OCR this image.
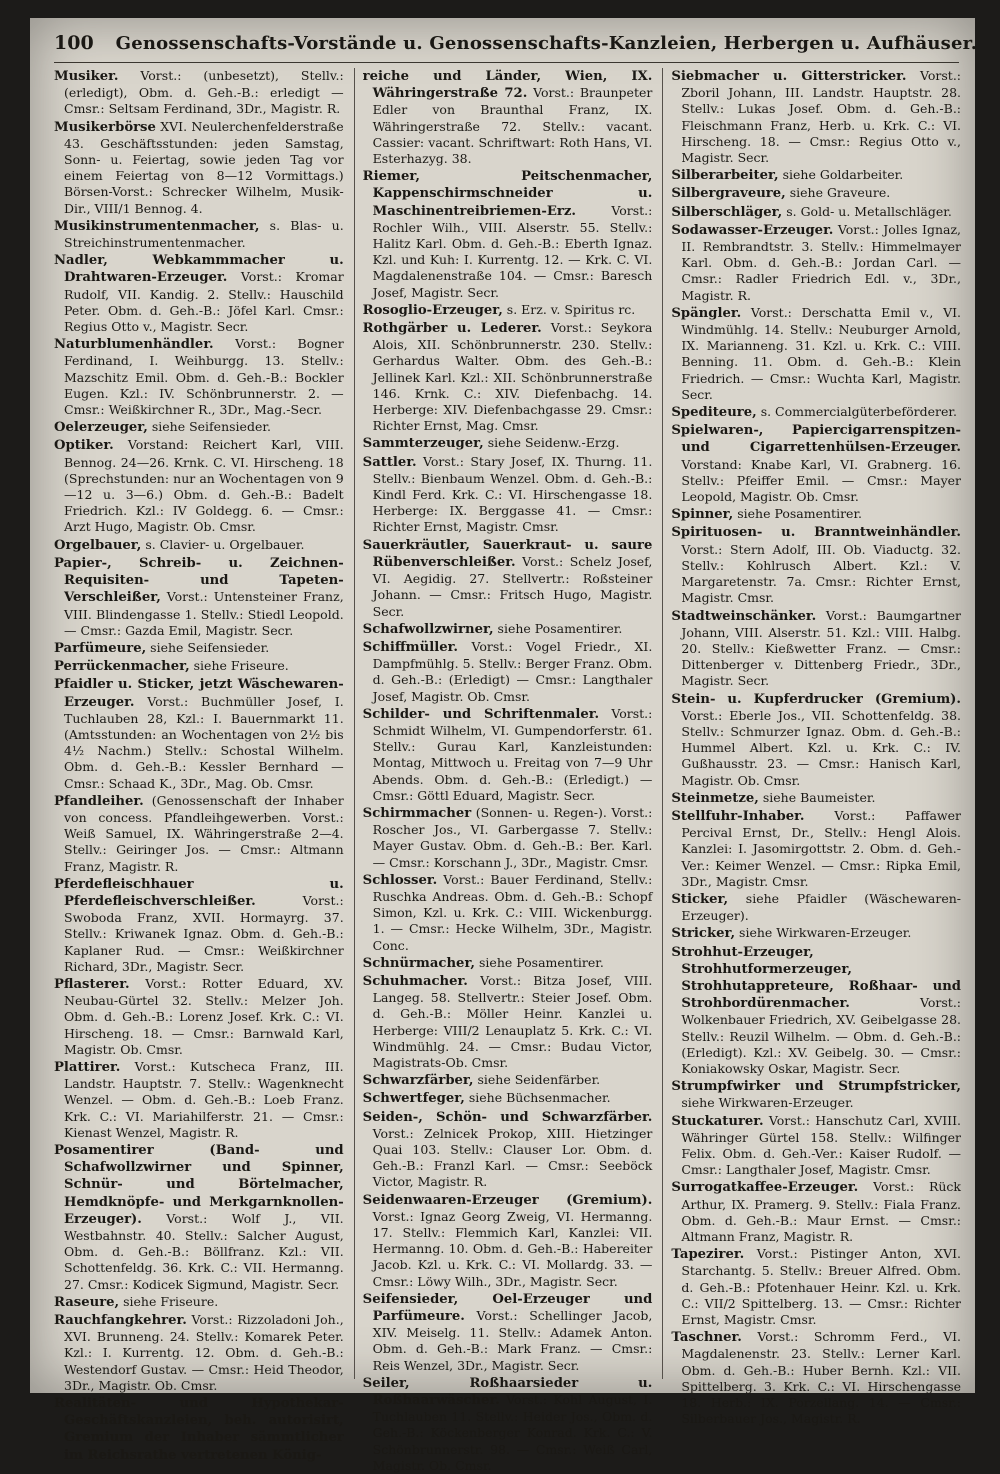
100 Genossenschafts-Vorstände u. Genossenschafts-Kanzleien, Herbergen u. Aufhäuser.

Musiker. Vorst.: (unbesetzt), Stellv.: (erledigt), Obm. d. Geh.-B.: erledigt — Cmsr.: Seltsam Ferdinand, 3Dr., Magistr. R.

Musikerbörse XVI. Neulerchenfelderstraße 43. Geschäftsstunden: jeden Samstag, Sonn- u. Feiertag, sowie jeden Tag vor einem Feiertag von 8—12 Vormittags.) Börsen-Vorst.: Schrecker Wilhelm, Musik-Dir., VIII/1 Bennog. 4.

Musikinstrumentenmacher, s. Blas- u. Streichinstrumentenmacher.

Nadler, Webkammmacher u. Drahtwaren-Erzeuger. Vorst.: Kromar Rudolf, VII. Kandig. 2. Stellv.: Hauschild Peter. Obm. d. Geh.-B.: Jöfel Karl. Cmsr.: Regius Otto v., Magistr. Secr.

Naturblumenhändler. Vorst.: Bogner Ferdinand, I. Weihburgg. 13. Stellv.: Mazschitz Emil. Obm. d. Geh.-B.: Bockler Eugen. Kzl.: IV. Schönbrunnerstr. 2. — Cmsr.: Weißkirchner R., 3Dr., Mag.-Secr.

Oelerzeuger, siehe Seifensieder.

Optiker. Vorstand: Reichert Karl, VIII. Bennog. 24—26. Krnk. C. VI. Hirscheng. 18 (Sprechstunden: nur an Wochentagen von 9—12 u. 3—6.) Obm. d. Geh.-B.: Badelt Friedrich. Kzl.: IV Goldegg. 6. — Cmsr.: Arzt Hugo, Magistr. Ob. Cmsr.

Orgelbauer, s. Clavier- u. Orgelbauer.

Papier-, Schreib- u. Zeichnen-Requisiten- und Tapeten-Verschleißer, Vorst.: Untensteiner Franz, VIII. Blindengasse 1. Stellv.: Stiedl Leopold. — Cmsr.: Gazda Emil, Magistr. Secr.

Parfümeure, siehe Seifensieder.

Perrückenmacher, siehe Friseure.

Pfaidler u. Sticker, jetzt Wäschewaren-Erzeuger. Vorst.: Buchmüller Josef, I. Tuchlauben 28, Kzl.: I. Bauernmarkt 11. (Amtsstunden: an Wochentagen von 2½ bis 4½ Nachm.) Stellv.: Schostal Wilhelm. Obm. d. Geh.-B.: Kessler Bernhard — Cmsr.: Schaad K., 3Dr., Mag. Ob. Cmsr.

Pfandleiher. (Genossenschaft der Inhaber von concess. Pfandleihgewerben. Vorst.: Weiß Samuel, IX. Währingerstraße 2—4. Stellv.: Geiringer Jos. — Cmsr.: Altmann Franz, Magistr. R.

Pferdefleischhauer u. Pferdefleischverschleißer. Vorst.: Swoboda Franz, XVII. Hormayrg. 37. Stellv.: Kriwanek Ignaz. Obm. d. Geh.-B.: Kaplaner Rud. — Cmsr.: Weißkirchner Richard, 3Dr., Magistr. Secr.

Pflasterer. Vorst.: Rotter Eduard, XV. Neubau-Gürtel 32. Stellv.: Melzer Joh. Obm. d. Geh.-B.: Lorenz Josef. Krk. C.: VI. Hirscheng. 18. — Cmsr.: Barnwald Karl, Magistr. Ob. Cmsr.

Plattirer. Vorst.: Kutscheca Franz, III. Landstr. Hauptstr. 7. Stellv.: Wagenknecht Wenzel. — Obm. d. Geh.-B.: Loeb Franz. Krk. C.: VI. Mariahilferstr. 21. — Cmsr.: Kienast Wenzel, Magistr. R.

Posamentirer (Band- und Schafwollzwirner und Spinner, Schnür- und Börtelmacher, Hemdknöpfe- und Merkgarnknollen-Erzeuger). Vorst.: Wolf J., VII. Westbahnstr. 40. Stellv.: Salcher August, Obm. d. Geh.-B.: Böllfranz. Kzl.: VII. Schottenfeldg. 36. Krk. C.: VII. Hermanng. 27. Cmsr.: Kodicek Sigmund, Magistr. Secr.

Raseure, siehe Friseure.

Rauchfangkehrer. Vorst.: Rizzoladoni Joh., XVI. Brunneng. 24. Stellv.: Komarek Peter. Kzl.: I. Kurrentg. 12. Obm. d. Geh.-B.: Westendorf Gustav. — Cmsr.: Heid Theodor, 3Dr., Magistr. Ob. Cmsr.

Realitäten- und Hypothekar-Geschäftskanzleien, beh. autorisirt, Gremium der Inhaber sämmtlicher im Reichsrathe vertretenen König-

reiche und Länder, Wien, IX. Währingerstraße 72. Vorst.: Braunpeter Edler von Braunthal Franz, IX. Währingerstraße 72. Stellv.: vacant. Cassier: vacant. Schriftwart: Roth Hans, VI. Esterhazyg. 38.

Riemer, Peitschenmacher, Kappenschirmschneider u. Maschinentreibriemen-Erz. Vorst.: Rochler Wilh., VIII. Alserstr. 55. Stellv.: Halitz Karl. Obm. d. Geh.-B.: Eberth Ignaz. Kzl. und Kuh: I. Kurrentg. 12. — Krk. C. VI. Magdalenenstraße 104. — Cmsr.: Baresch Josef, Magistr. Secr.

Rosoglio-Erzeuger, s. Erz. v. Spiritus rc.

Rothgärber u. Lederer. Vorst.: Seykora Alois, XII. Schönbrunnerstr. 230. Stellv.: Gerhardus Walter. Obm. des Geh.-B.: Jellinek Karl. Kzl.: XII. Schönbrunnerstraße 146. Krnk. C.: XIV. Diefenbachg. 14. Herberge: XIV. Diefenbachgasse 29. Cmsr.: Richter Ernst, Mag. Cmsr.

Sammterzeuger, siehe Seidenw.-Erzg.

Sattler. Vorst.: Stary Josef, IX. Thurng. 11. Stellv.: Bienbaum Wenzel. Obm. d. Geh.-B.: Kindl Ferd. Krk. C.: VI. Hirschengasse 18. Herberge: IX. Berggasse 41. — Cmsr.: Richter Ernst, Magistr. Cmsr.

Sauerkräutler, Sauerkraut- u. saure Rübenverschleißer. Vorst.: Schelz Josef, VI. Aegidig. 27. Stellvertr.: Roßsteiner Johann. — Cmsr.: Fritsch Hugo, Magistr. Secr.

Schafwollzwirner, siehe Posamentirer.

Schiffmüller. Vorst.: Vogel Friedr., XI. Dampfmühlg. 5. Stellv.: Berger Franz. Obm. d. Geh.-B.: (Erledigt) — Cmsr.: Langthaler Josef, Magistr. Ob. Cmsr.

Schilder- und Schriftenmaler. Vorst.: Schmidt Wilhelm, VI. Gumpendorferstr. 61. Stellv.: Gurau Karl, Kanzleistunden: Montag, Mittwoch u. Freitag von 7—9 Uhr Abends. Obm. d. Geh.-B.: (Erledigt.) — Cmsr.: Göttl Eduard, Magistr. Secr.

Schirmmacher (Sonnen- u. Regen-). Vorst.: Roscher Jos., VI. Garbergasse 7. Stellv.: Mayer Gustav. Obm. d. Geh.-B.: Ber. Karl. — Cmsr.: Korschann J., 3Dr., Magistr. Cmsr.

Schlosser. Vorst.: Bauer Ferdinand, Stellv.: Ruschka Andreas. Obm. d. Geh.-B.: Schopf Simon, Kzl. u. Krk. C.: VIII. Wickenburgg. 1. — Cmsr.: Hecke Wilhelm, 3Dr., Magistr. Conc.

Schnürmacher, siehe Posamentirer.

Schuhmacher. Vorst.: Bitza Josef, VIII. Langeg. 58. Stellvertr.: Steier Josef. Obm. d. Geh.-B.: Möller Heinr. Kanzlei u. Herberge: VIII/2 Lenauplatz 5. Krk. C.: VI. Windmühlg. 24. — Cmsr.: Budau Victor, Magistrats-Ob. Cmsr.

Schwarzfärber, siehe Seidenfärber.

Schwertfeger, siehe Büchsenmacher.

Seiden-, Schön- und Schwarzfärber. Vorst.: Zelnicek Prokop, XIII. Hietzinger Quai 103. Stellv.: Clauser Lor. Obm. d. Geh.-B.: Franzl Karl. — Cmsr.: Seeböck Victor, Magistr. R.

Seidenwaaren-Erzeuger (Gremium). Vorst.: Ignaz Georg Zweig, VI. Hermanng. 17. Stellv.: Flemmich Karl, Kanzlei: VII. Hermanng. 10. Obm. d. Geh.-B.: Habereiter Jacob. Kzl. u. Krk. C.: VI. Mollardg. 33. — Cmsr.: Löwy Wilh., 3Dr., Magistr. Secr.

Seifensieder, Oel-Erzeuger und Parfümeure. Vorst.: Schellinger Jacob, XIV. Meiselg. 11. Stellv.: Adamek Anton. Obm. d. Geh.-B.: Mark Franz. — Cmsr.: Reis Wenzel, 3Dr., Magistr. Secr.

Seiler, Roßhaarsieder u. Roßhaarwäscher. Vorst.: Kohl August, I. Tuchlauben 11. Stellv.: Heider Jos., Obm. d. Geh.-B.: Köckenberger Konrad. Krk. C.: V. Schönbrunnerstr. 98. — Cmsr.: Weiß Carl, Magistr. Ob. Cmsr.

Siebmacher u. Gitterstricker. Vorst.: Zboril Johann, III. Landstr. Hauptstr. 28. Stellv.: Lukas Josef. Obm. d. Geh.-B.: Fleischmann Franz, Herb. u. Krk. C.: VI. Hirscheng. 18. — Cmsr.: Regius Otto v., Magistr. Secr.

Silberarbeiter, siehe Goldarbeiter.

Silbergraveure, siehe Graveure.

Silberschläger, s. Gold- u. Metallschläger.

Sodawasser-Erzeuger. Vorst.: Jolles Ignaz, II. Rembrandtstr. 3. Stellv.: Himmelmayer Karl. Obm. d. Geh.-B.: Jordan Carl. — Cmsr.: Radler Friedrich Edl. v., 3Dr., Magistr. R.

Spängler. Vorst.: Derschatta Emil v., VI. Windmühlg. 14. Stellv.: Neuburger Arnold, IX. Marianneng. 31. Kzl. u. Krk. C.: VIII. Benning. 11. Obm. d. Geh.-B.: Klein Friedrich. — Cmsr.: Wuchta Karl, Magistr. Secr.

Spediteure, s. Commercialgüterbeförderer.

Spielwaren-, Papiercigarrenspitzen- und Cigarrettenhülsen-Erzeuger. Vorstand: Knabe Karl, VI. Grabnerg. 16. Stellv.: Pfeiffer Emil. — Cmsr.: Mayer Leopold, Magistr. Ob. Cmsr.

Spinner, siehe Posamentirer.

Spirituosen- u. Branntweinhändler. Vorst.: Stern Adolf, III. Ob. Viaductg. 32. Stellv.: Kohlrusch Albert. Kzl.: V. Margaretenstr. 7a. Cmsr.: Richter Ernst, Magistr. Cmsr.

Stadtweinschänker. Vorst.: Baumgartner Johann, VIII. Alserstr. 51. Kzl.: VIII. Halbg. 20. Stellv.: Kießwetter Franz. — Cmsr.: Dittenberger v. Dittenberg Friedr., 3Dr., Magistr. Secr.

Stein- u. Kupferdrucker (Gremium). Vorst.: Eberle Jos., VII. Schottenfeldg. 38. Stellv.: Schmurzer Ignaz. Obm. d. Geh.-B.: Hummel Albert. Kzl. u. Krk. C.: IV. Gußhausstr. 23. — Cmsr.: Hanisch Karl, Magistr. Ob. Cmsr.

Steinmetze, siehe Baumeister.

Stellfuhr-Inhaber. Vorst.: Paffawer Percival Ernst, Dr., Stellv.: Hengl Alois. Kanzlei: I. Jasomirgottstr. 2. Obm. d. Geh.-Ver.: Keimer Wenzel. — Cmsr.: Ripka Emil, 3Dr., Magistr. Cmsr.

Sticker, siehe Pfaidler (Wäschewaren-Erzeuger).

Stricker, siehe Wirkwaren-Erzeuger.

Strohhut-Erzeuger, Strohhutformerzeuger, Strohhutappreteure, Roßhaar- und Strohbordürenmacher. Vorst.: Wolkenbauer Friedrich, XV. Geibelgasse 28. Stellv.: Reuzil Wilhelm. — Obm. d. Geh.-B.: (Erledigt). Kzl.: XV. Geibelg. 30. — Cmsr.: Koniakowsky Oskar, Magistr. Secr.

Strumpfwirker und Strumpfstricker, siehe Wirkwaren-Erzeuger.

Stuckaturer. Vorst.: Hanschutz Carl, XVIII. Währinger Gürtel 158. Stellv.: Wilfinger Felix. Obm. d. Geh.-Ver.: Kaiser Rudolf. — Cmsr.: Langthaler Josef, Magistr. Cmsr.

Surrogatkaffee-Erzeuger. Vorst.: Rück Arthur, IX. Pramerg. 9. Stellv.: Fiala Franz. Obm. d. Geh.-B.: Maur Ernst. — Cmsr.: Altmann Franz, Magistr. R.

Tapezirer. Vorst.: Pistinger Anton, XVI. Starchantg. 5. Stellv.: Breuer Alfred. Obm. d. Geh.-B.: Pfotenhauer Heinr. Kzl. u. Krk. C.: VII/2 Spittelberg. 13. — Cmsr.: Richter Ernst, Magistr. Cmsr.

Taschner. Vorst.: Schromm Ferd., VI. Magdalenenstr. 23. Stellv.: Lerner Karl. Obm. d. Geh.-B.: Huber Bernh. Kzl.: VII. Spittelberg. 3. Krk. C.: VI. Hirschengasse 18. Herb.: IX. Porzellang. 14. — Cmsr.: Silberbauer Jos., Magistr. R.
